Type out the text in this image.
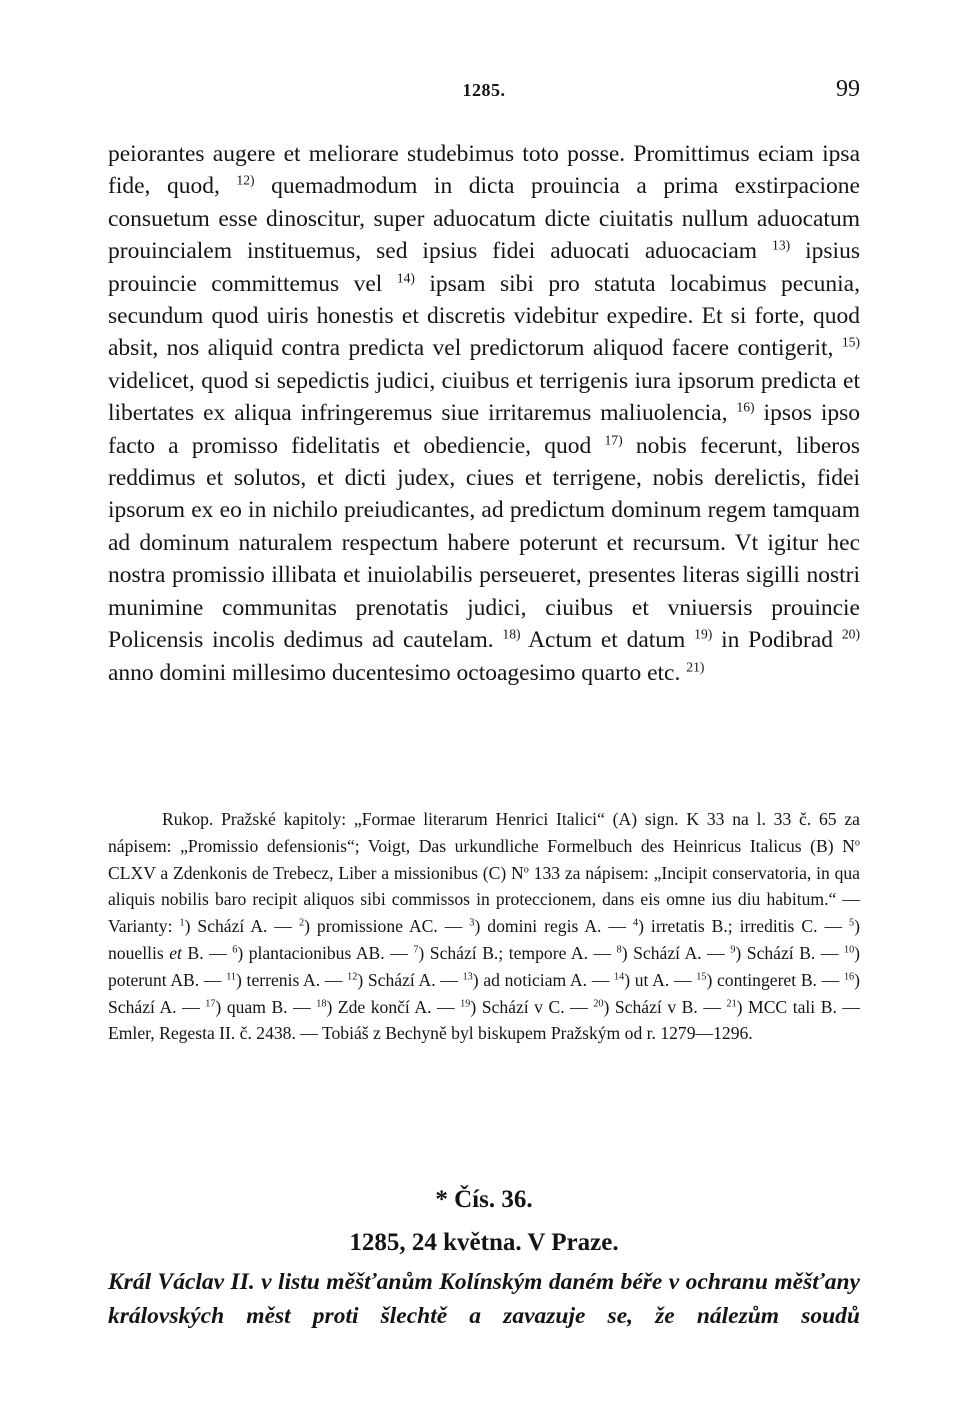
1285.	99

peiorantes augere et meliorare studebimus toto posse. Promittimus eciam ipsa fide, quod, $^{12)}$ quemadmodum in dicta prouincia a prima exstirpacione consuetum esse dinoscitur, super aduocatum dicte ciuitatis nullum aduocatum prouincialem instituemus, sed ipsius fidei aduocati aduocaciam $^{13)}$ ipsius prouincie committemus vel $^{14)}$ ipsam sibi pro statuta locabimus pecunia, secundum quod uiris honestis et discretis videbitur expedire. Et si forte, quod absit, nos aliquid contra predicta vel predictorum aliquod facere contigerit, $^{15)}$ videlicet, quod si sepedictis judici, ciuibus et terrigenis iura ipsorum predicta et libertates ex aliqua infringeremus siue irritaremus maliuolencia, $^{16)}$ ipsos ipso facto a promisso fidelitatis et obediencie, quod $^{17)}$ nobis fecerunt, liberos reddimus et solutos, et dicti judex, ciues et terrigene, nobis derelictis, fidei ipsorum ex eo in nichilo preiudicantes, ad predictum dominum regem tamquam ad dominum naturalem respectum habere poterunt et recursum. Vt igitur hec nostra promissio illibata et inuiolabilis perseueret, presentes literas sigilli nostri munimine communitas prenotatis judici, ciuibus et vniuersis prouincie Policensis incolis dedimus ad cautelam. $^{18)}$ Actum et datum $^{19)}$ in Podibrad $^{20)}$ anno domini millesimo ducentesimo octoagesimo quarto etc. $^{21)}$

Rukop. Pražské kapitoly: „Formae literarum Henrici Italici“ (A) sign. K 33 na l. 33 č. 65 za nápisem: „Promissio defensionis“; Voigt, Das urkundliche Formelbuch des Heinricus Italicus (B) $N^o$ CLXV a Zdenkonis de Trebecz, Liber a missionibus (C) $N^o$ 133 za nápisem: „Incipit conservatoria, in qua aliquis nobilis baro recipit aliquos sibi commissos in proteccionem, dans eis omne ius diu habitum.“ — Varianty: $^1$) Schází A. — $^2$) promissione AC. — $^3$) domini regis A. — $^4$) irretatis B.; irreditis C. — $^5$) nouellis et B. — $^6$) plantacionibus AB. — $^7$) Schází B.; tempore A. — $^8$) Schází A. — $^9$) Schází B. — $^{10}$) poterunt AB. — $^{11}$) terrenis A. — $^{12}$) Schází A. — $^{13}$) ad noticiam A. — $^{14}$) ut A. — $^{15}$) contingeret B. — $^{16}$) Schází A. — $^{17}$) quam B. — $^{18}$) Zde končí A. — $^{19}$) Schází v C. — $^{20}$) Schází v B. — $^{21}$) MCC tali B. — Emler, Regesta II. č. 2438. — Tobiáš z Bechyně byl biskupem Pražským od r. 1279—1296.

* Čís. 36.
1285, 24 května. V Praze.

Král Václav II. v listu měšťanům Kolínským daném béře v ochranu měšťany královských měst proti šlechtě a zavazuje se, že nálezům soudů
